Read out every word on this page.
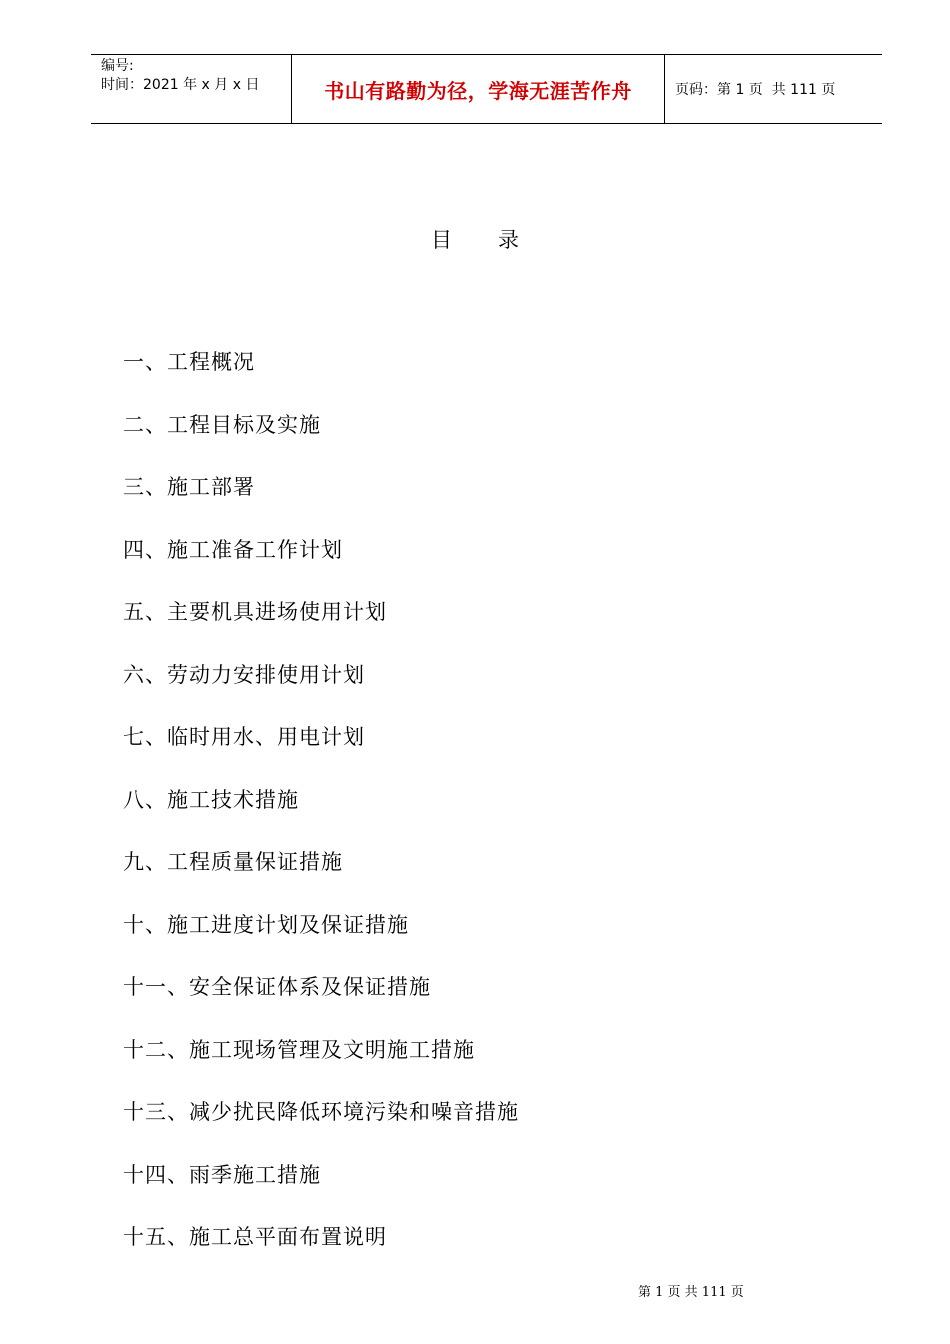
编号:
时间：2021 年 x 月 x 日	书山有路勤为径，学海无涯苦作舟	页码：第 1 页  共 111 页
目录
一、工程概况
二、工程目标及实施
三、施工部署
四、施工准备工作计划
五、主要机具进场使用计划
六、劳动力安排使用计划
七、临时用水、用电计划
八、施工技术措施
九、工程质量保证措施
十、施工进度计划及保证措施
十一、安全保证体系及保证措施
十二、施工现场管理及文明施工措施
十三、减少扰民降低环境污染和噪音措施
十四、雨季施工措施
十五、施工总平面布置说明
第 1 页 共 111 页
